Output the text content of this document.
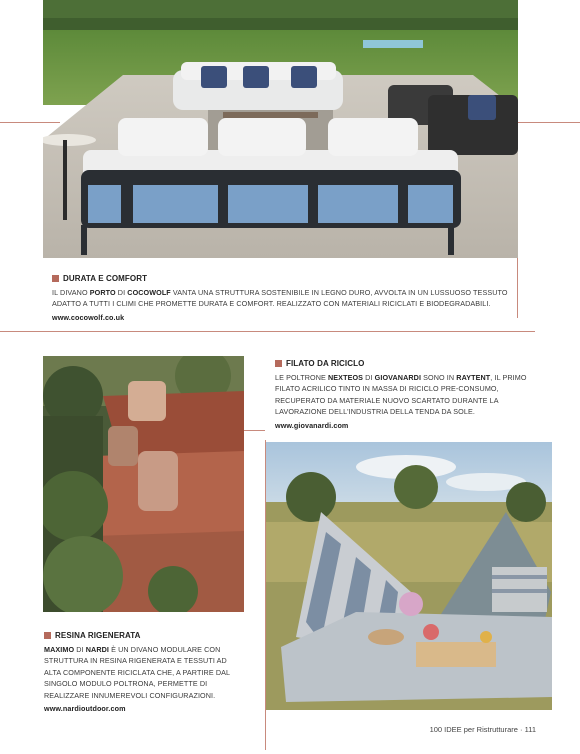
DURATA E COMFORT
IL DIVANO PORTO DI COCOWOLF VANTA UNA STRUTTURA SOSTENIBILE IN LEGNO DURO, AVVOLTA IN UN LUSSUOSO TESSUTO ADATTO A TUTTI I CLIMI CHE PROMETTE DURATA E COMFORT. REALIZZATO CON MATERIALI RICICLATI E BIODEGRADABILI.
www.cocowolf.co.uk
FILATO DA RICICLO
LE POLTRONE NEXTEOS DI GIOVANARDI SONO IN RAYTENT, IL PRIMO FILATO ACRILICO TINTO IN MASSA DI RICICLO PRE-CONSUMO, RECUPERATO DA MATERIALE NUOVO SCARTATO DURANTE LA LAVORAZIONE DELL'INDUSTRIA DELLA TENDA DA SOLE.
www.giovanardi.com
RESINA RIGENERATA
MAXIMO DI NARDI È UN DIVANO MODULARE CON STRUTTURA IN RESINA RIGENERATA E TESSUTI AD ALTA COMPONENTE RICICLATA CHE, A PARTIRE DAL SINGOLO MODULO POLTRONA, PERMETTE DI REALIZZARE INNUMEREVOLI CONFIGURAZIONI.
www.nardioutdoor.com
100 IDEE per Ristrutturare · 111
